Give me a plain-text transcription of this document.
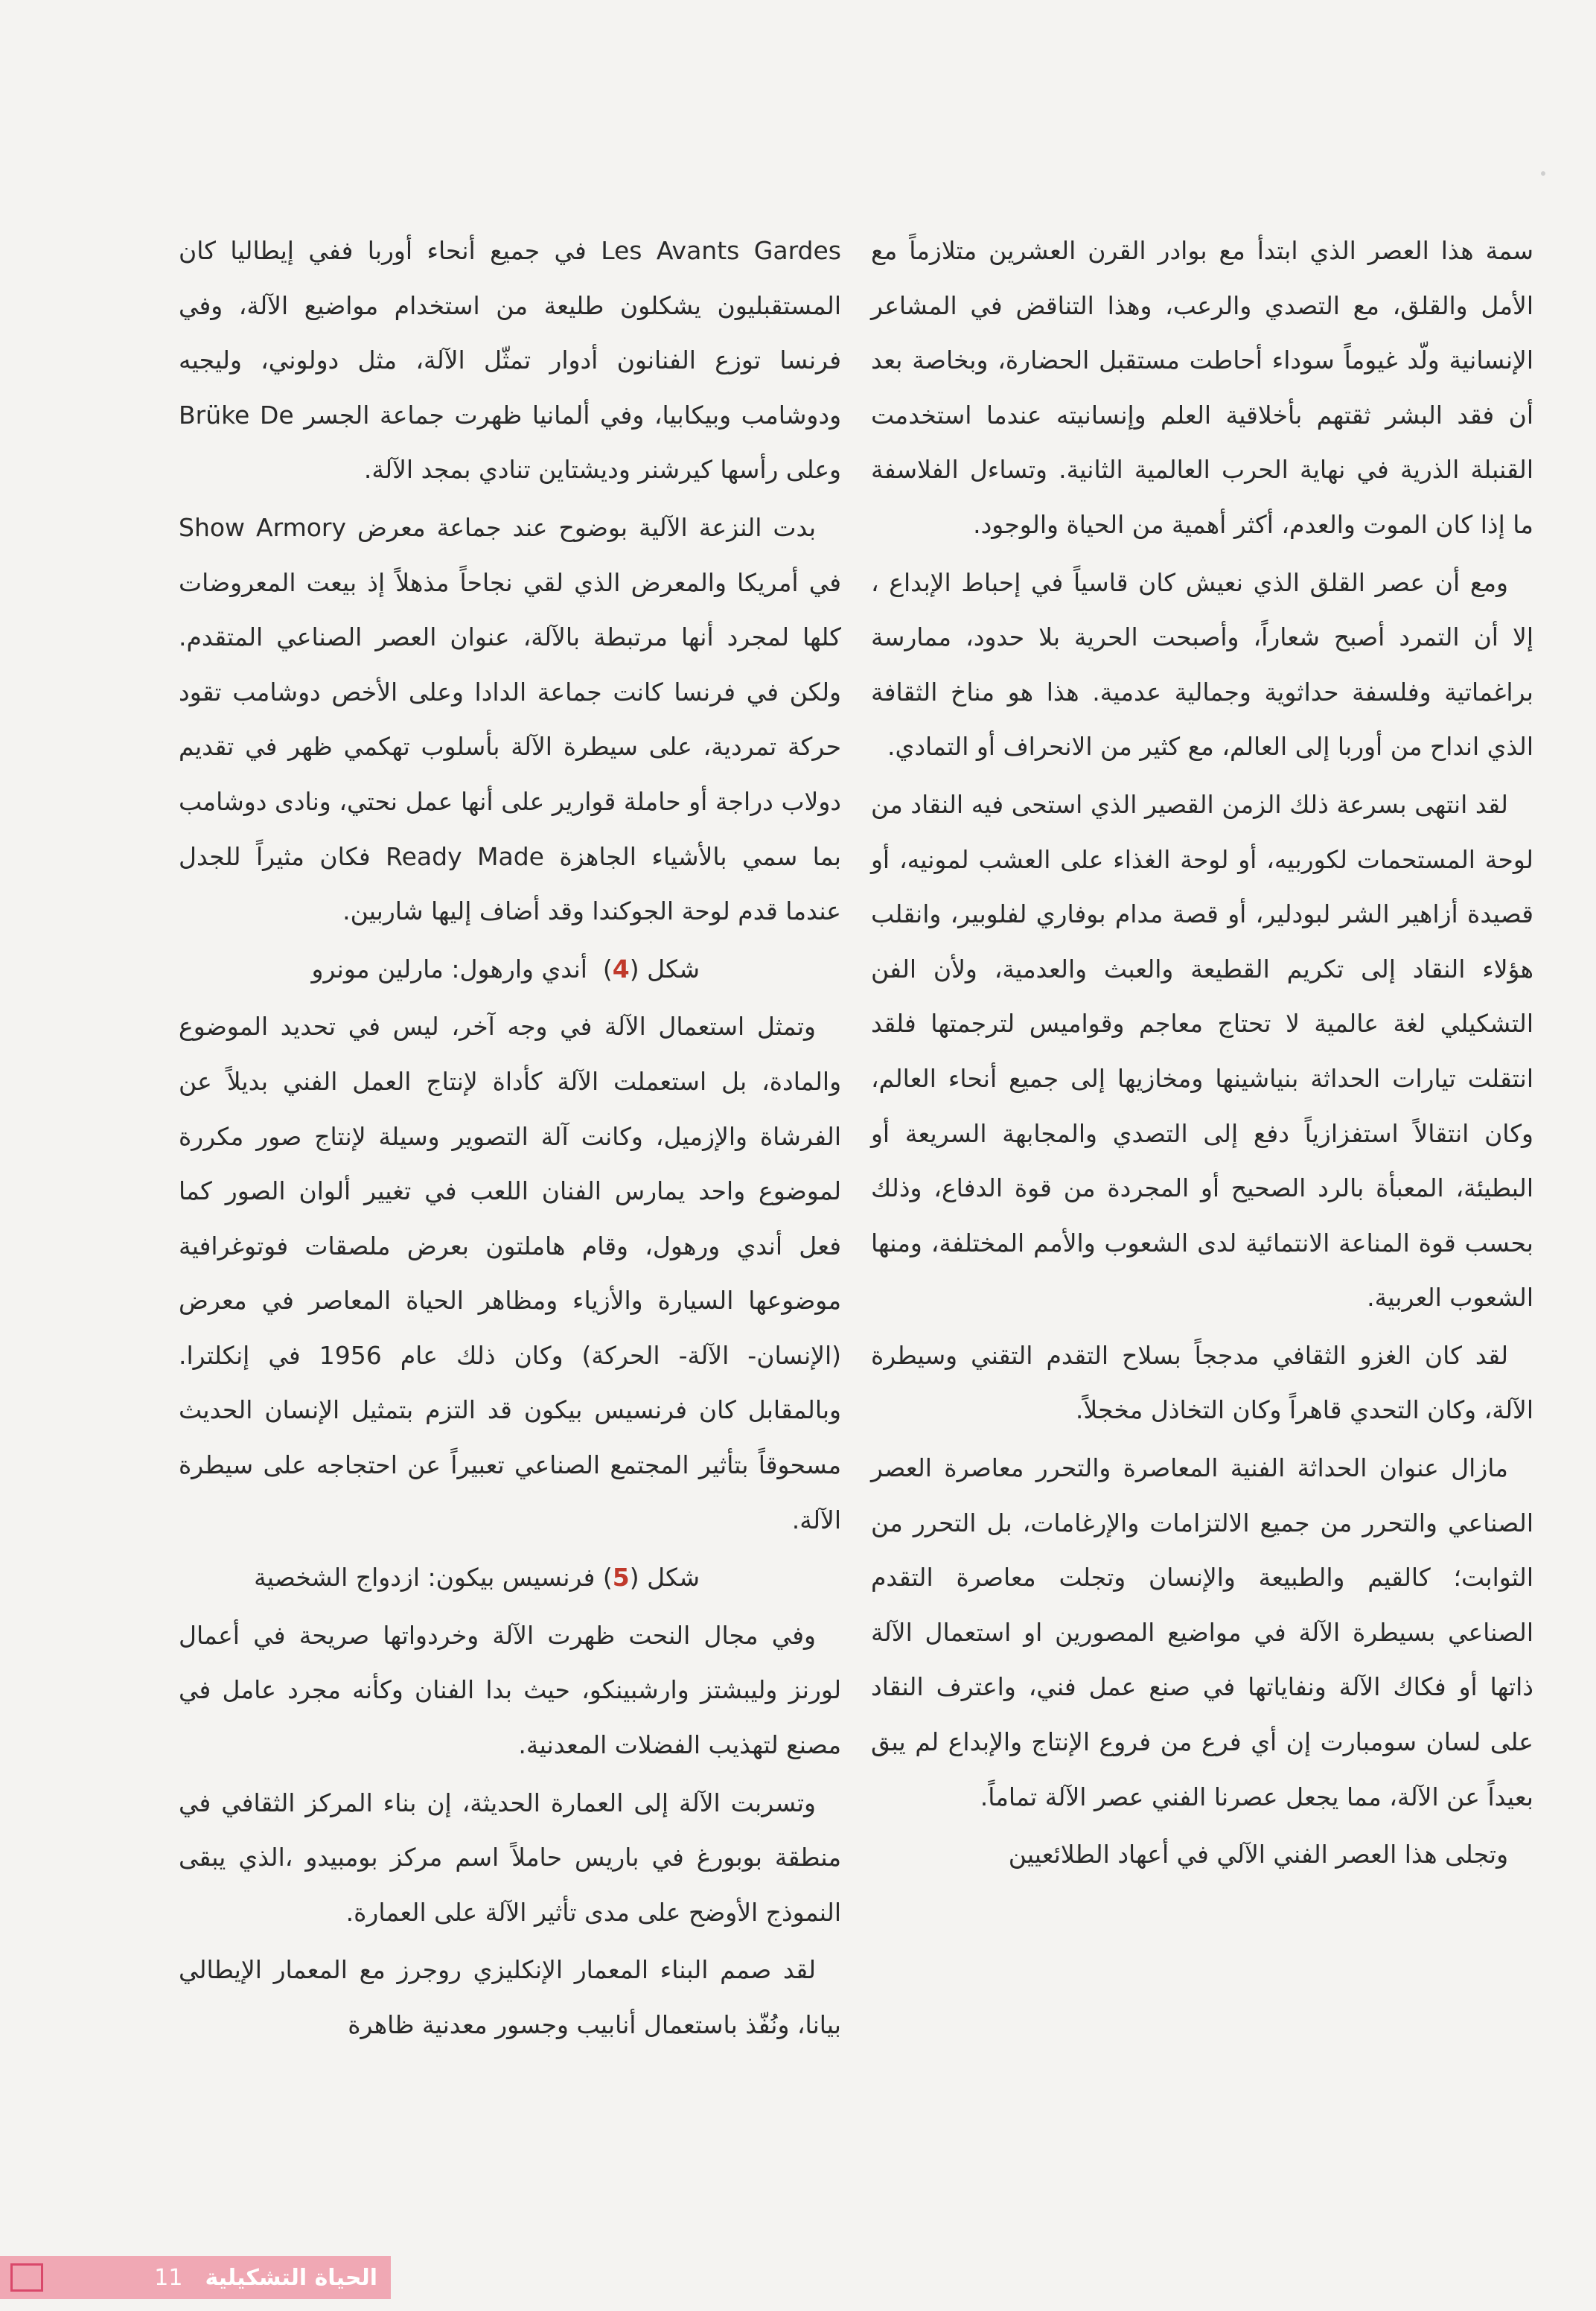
سمة هذا العصر الذي ابتدأ مع بوادر القرن العشرين متلازماً مع الأمل والقلق، مع التصدي والرعب، وهذا التناقض في المشاعر الإنسانية ولّد غيوماً سوداء أحاطت مستقبل الحضارة، وبخاصة بعد أن فقد البشر ثقتهم بأخلاقية العلم وإنسانيته عندما استخدمت القنبلة الذرية في نهاية الحرب العالمية الثانية. وتساءل الفلاسفة ما إذا كان الموت والعدم، أكثر أهمية من الحياة والوجود.

ومع أن عصر القلق الذي نعيش كان قاسياً في إحباط الإبداع ، إلا أن التمرد أصبح شعاراً، وأصبحت الحرية بلا حدود، ممارسة براغماتية وفلسفة حداثوية وجمالية عدمية. هذا هو مناخ الثقافة الذي انداح من أوربا إلى العالم، مع كثير من الانحراف أو التمادي.

لقد انتهى بسرعة ذلك الزمن القصير الذي استحى فيه النقاد من لوحة المستحمات لكوربيه، أو لوحة الغذاء على العشب لمونيه، أو قصيدة أزاهير الشر لبودلير، أو قصة مدام بوفاري لفلوبير، وانقلب هؤلاء النقاد إلى تكريم القطيعة والعبث والعدمية، ولأن الفن التشكيلي لغة عالمية لا تحتاج معاجم وقواميس لترجمتها فلقد انتقلت تيارات الحداثة بنياشينها ومخازيها إلى جميع أنحاء العالم، وكان انتقالاً استفزازياً دفع إلى التصدي والمجابهة السريعة أو البطيئة، المعبأة بالرد الصحيح أو المجردة من قوة الدفاع، وذلك بحسب قوة المناعة الانتمائية لدى الشعوب والأمم المختلفة، ومنها الشعوب العربية.

لقد كان الغزو الثقافي مدججاً بسلاح التقدم التقني وسيطرة الآلة، وكان التحدي قاهراً وكان التخاذل مخجلاً.

مازال عنوان الحداثة الفنية المعاصرة والتحرر معاصرة العصر الصناعي والتحرر من جميع الالتزامات والإرغامات، بل التحرر من الثوابت؛ كالقيم والطبيعة والإنسان وتجلت معاصرة التقدم الصناعي بسيطرة الآلة في مواضيع المصورين او استعمال الآلة ذاتها أو فكاك الآلة ونفاياتها في صنع عمل فني، واعترف النقاد على لسان سومبارت إن أي فرع من فروع الإنتاج والإبداع لم يبق بعيداً عن الآلة، مما يجعل عصرنا الفني عصر الآلة تماماً.

وتجلى هذا العصر الفني الآلي في أعهاد الطلائعيين

Les Avants Gardes في جميع أنحاء أوربا ففي إيطاليا كان المستقبليون يشكلون طليعة من استخدام مواضيع الآلة، وفي فرنسا توزع الفنانون أدوار تمثّل الآلة، مثل دولوني، وليجيه ودوشامب وبيكابيا، وفي ألمانيا ظهرت جماعة الجسر Brüke De وعلى رأسها كيرشنر وديشتاين تنادي بمجد الآلة.

بدت النزعة الآلية بوضوح عند جماعة معرض Show Armory في أمريكا والمعرض الذي لقي نجاحاً مذهلاً إذ بيعت المعروضات كلها لمجرد أنها مرتبطة بالآلة، عنوان العصر الصناعي المتقدم. ولكن في فرنسا كانت جماعة الدادا وعلى الأخص دوشامب تقود حركة تمردية، على سيطرة الآلة بأسلوب تهكمي ظهر في تقديم دولاب دراجة أو حاملة قوارير على أنها عمل نحتي، ونادى دوشامب بما سمي بالأشياء الجاهزة Ready Made فكان مثيراً للجدل عندما قدم لوحة الجوكندا وقد أضاف إليها شاربين.

شكل (4)  أندي وارهول: مارلين مونرو

وتمثل استعمال الآلة في وجه آخر، ليس في تحديد الموضوع والمادة، بل استعملت الآلة كأداة لإنتاج العمل الفني بديلاً عن الفرشاة والإزميل، وكانت آلة التصوير وسيلة لإنتاج صور مكررة لموضوع واحد يمارس الفنان اللعب في تغيير ألوان الصور كما فعل أندي ورهول، وقام هاملتون بعرض ملصقات فوتوغرافية موضوعها السيارة والأزياء ومظاهر الحياة المعاصر في معرض (الإنسان- الآلة- الحركة) وكان ذلك عام 1956 في إنكلترا. وبالمقابل كان فرنسيس بيكون قد التزم بتمثيل الإنسان الحديث مسحوقاً بتأثير المجتمع الصناعي تعبيراً عن احتجاجه على سيطرة الآلة.

شكل (5) فرنسيس بيكون: ازدواج الشخصية

وفي مجال النحت ظهرت الآلة وخردواتها صريحة في أعمال لورنز وليبشتز وارشبينكو، حيث بدا الفنان وكأنه مجرد عامل في مصنع لتهذيب الفضلات المعدنية.

وتسربت الآلة إلى العمارة الحديثة، إن بناء المركز الثقافي في منطقة بوبورغ في باريس حاملاً اسم مركز بومبيدو ،الذي يبقى النموذج الأوضح على مدى تأثير الآلة على العمارة.

لقد صمم البناء المعمار الإنكليزي روجرز مع المعمار الإيطالي بيانا، ونُفّذ باستعمال أنابيب وجسور معدنية ظاهرة

الحياة التشكيلية
11
